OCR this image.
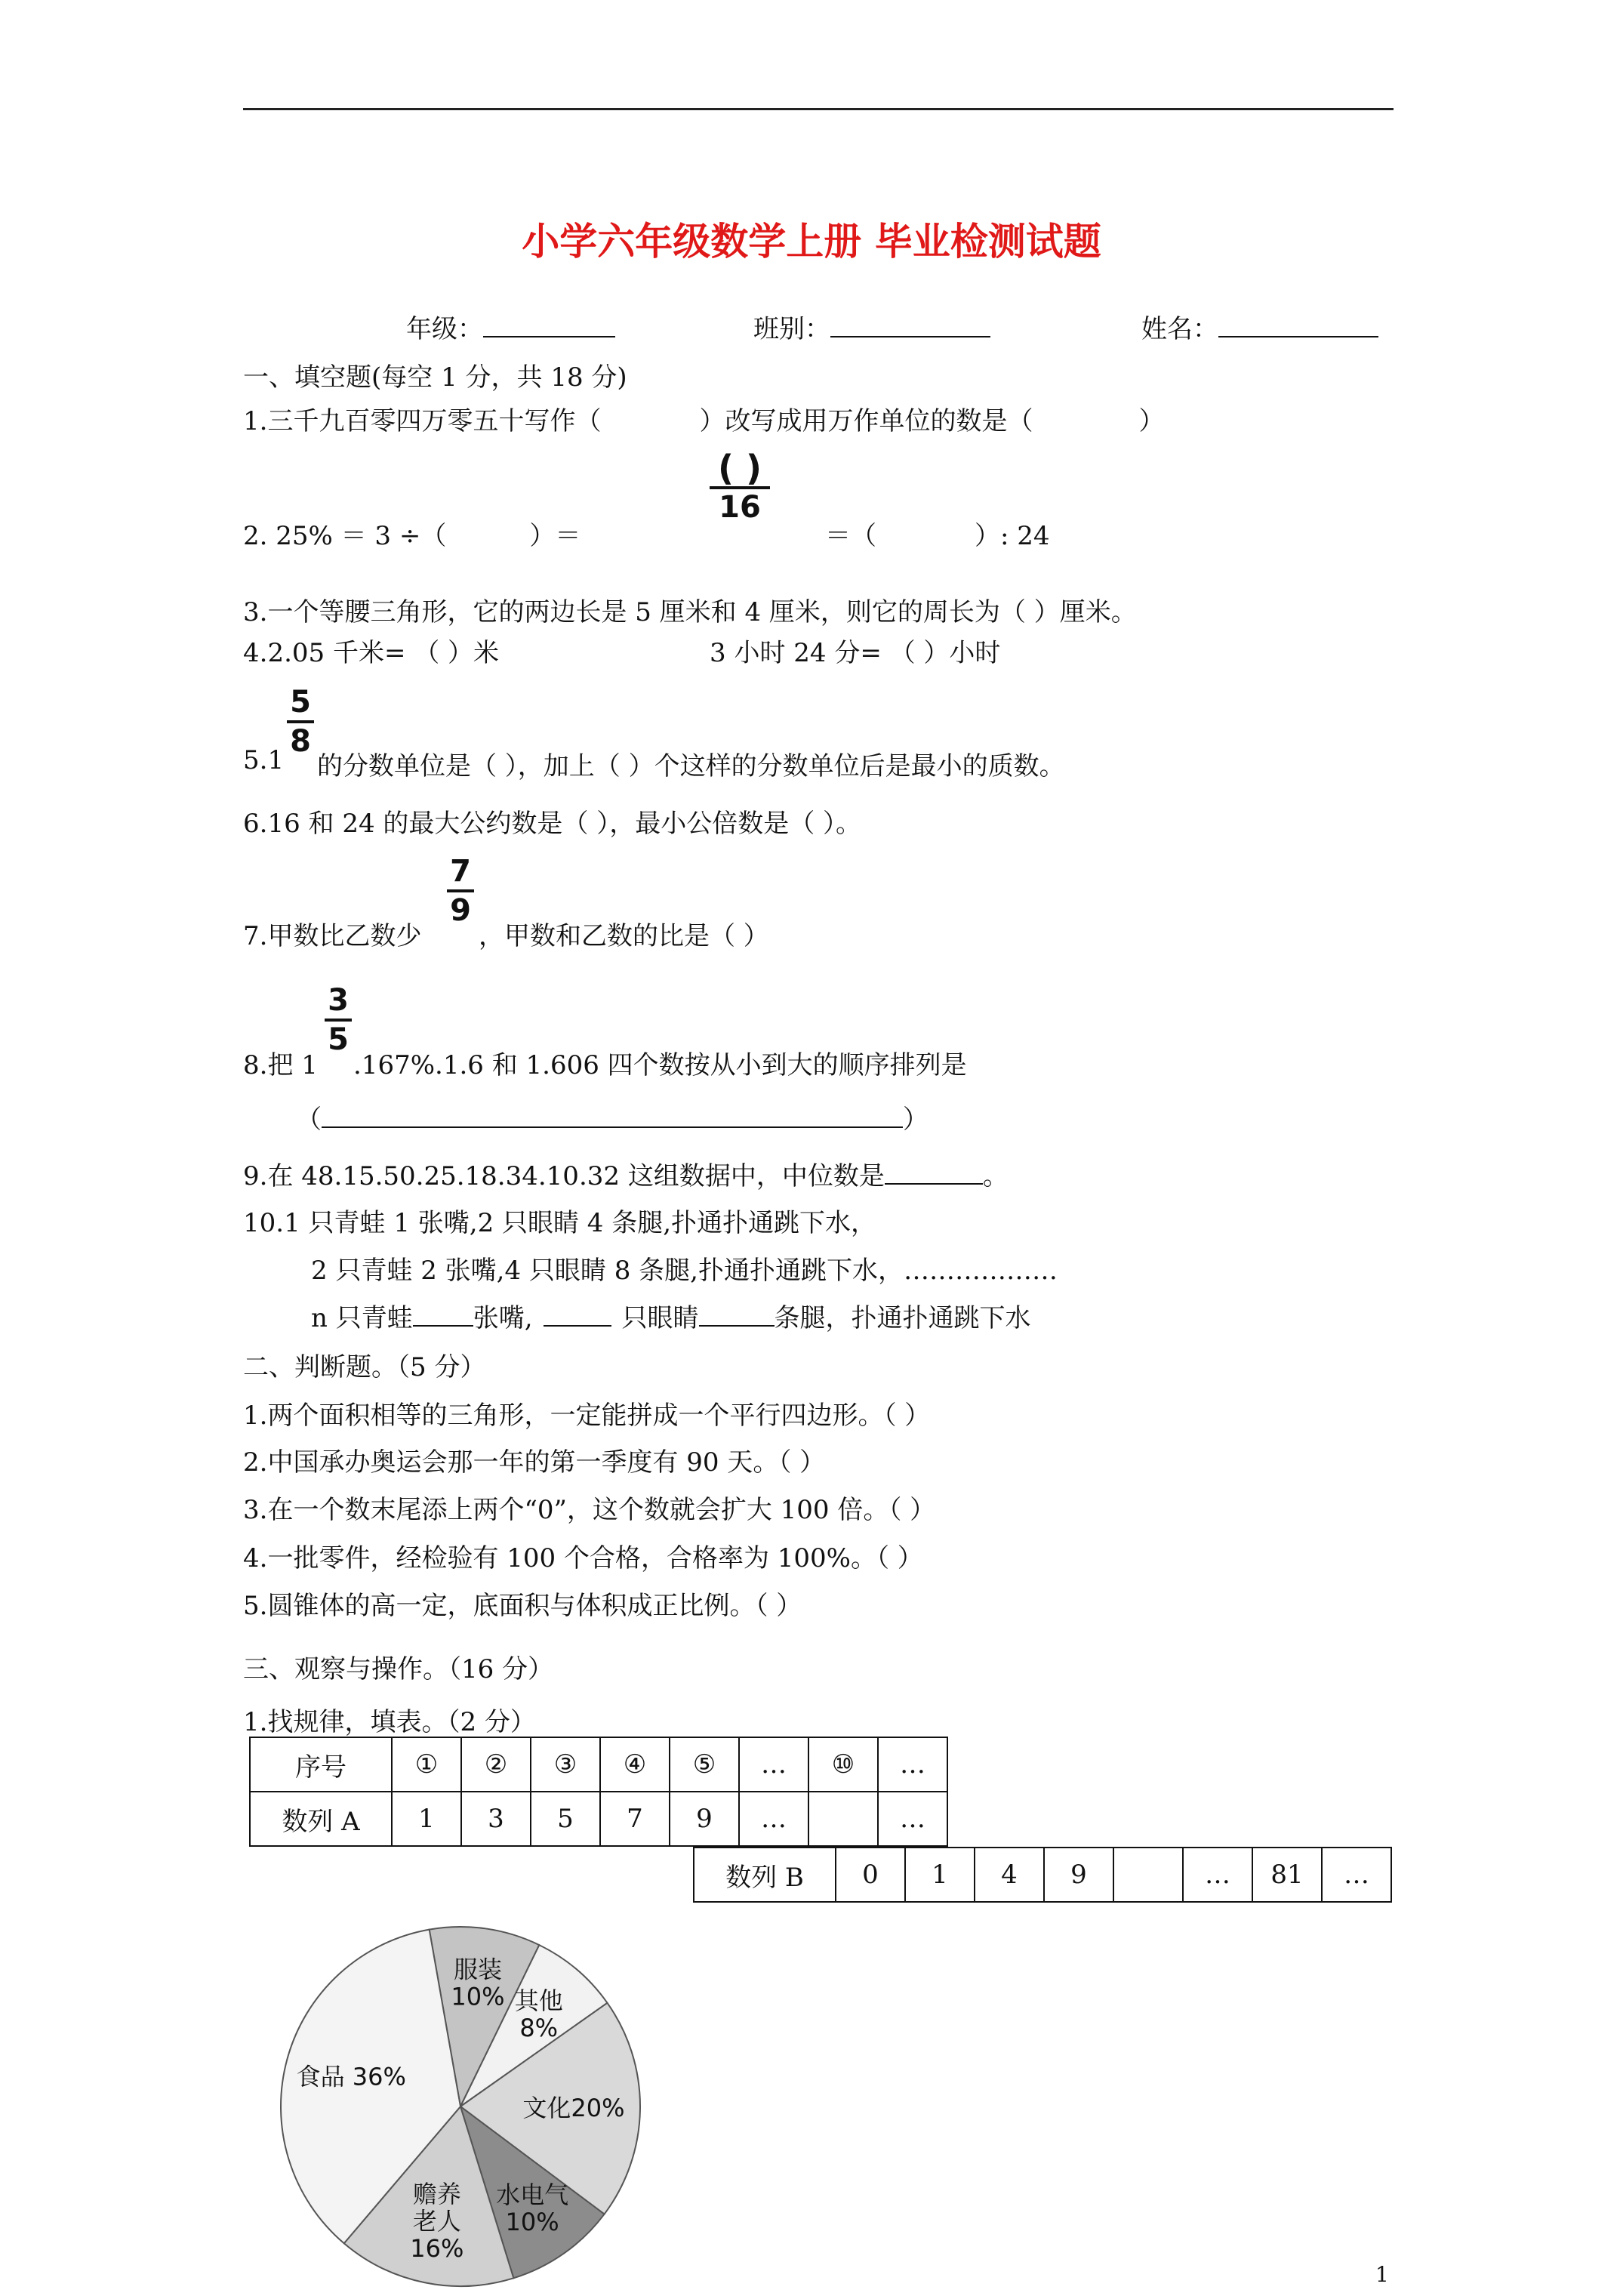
小学六年级数学上册 毕业检测试题
年级：	班别：	姓名：
一、填空题(每空 1 分，共 18 分)
1.三千九百零四万零五十写作（	）改写成用万作单位的数是（	）
2. 25% ＝ 3 ÷（	）＝
( )
16
＝（	）: 24
3.一个等腰三角形，它的两边长是 5 厘米和 4 厘米，则它的周长为（ ）厘米。
4.2.05 千米= （ ）米	3 小时 24 分= （ ）小时
5.1
5
8
的分数单位是（ ），加上（ ）个这样的分数单位后是最小的质数。
6.16 和 24 的最大公约数是（ ），最小公倍数是（ ）。
7.甲数比乙数少
7
9
，甲数和乙数的比是（ ）
8.把 1
3
5
.167%.1.6 和 1.606 四个数按从小到大的顺序排列是
（	）
9.在 48.15.50.25.18.34.10.32 这组数据中，中位数是	。
10.1 只青蛙 1 张嘴,2 只眼睛 4 条腿,扑通扑通跳下水，
2 只青蛙 2 张嘴,4 只眼睛 8 条腿,扑通扑通跳下水，………………
n 只青蛙 张嘴,	只眼睛	条腿，扑通扑通跳下水
二、判断题。（5 分）
1.两个面积相等的三角形，一定能拼成一个平行四边形。（ ）
2.中国承办奥运会那一年的第一季度有 90 天。（ ）
3.在一个数末尾添上两个“0”，这个数就会扩大 100 倍。（ ）
4.一批零件，经检验有 100 个合格，合格率为 100%。（ ）
5.圆锥体的高一定，底面积与体积成正比例。（ ）
三、观察与操作。（16 分）
1.找规律，填表。（2 分）
序号	①	②	③	④	⑤	…	⑩	…
数列 A	1	3	5	7	9	…		…
数列 B	0	1	4	9		…	81	…
服装
10% 其他
8%
文化20%
水电气
10%
赡养
老人
16%
食品 36%
1
